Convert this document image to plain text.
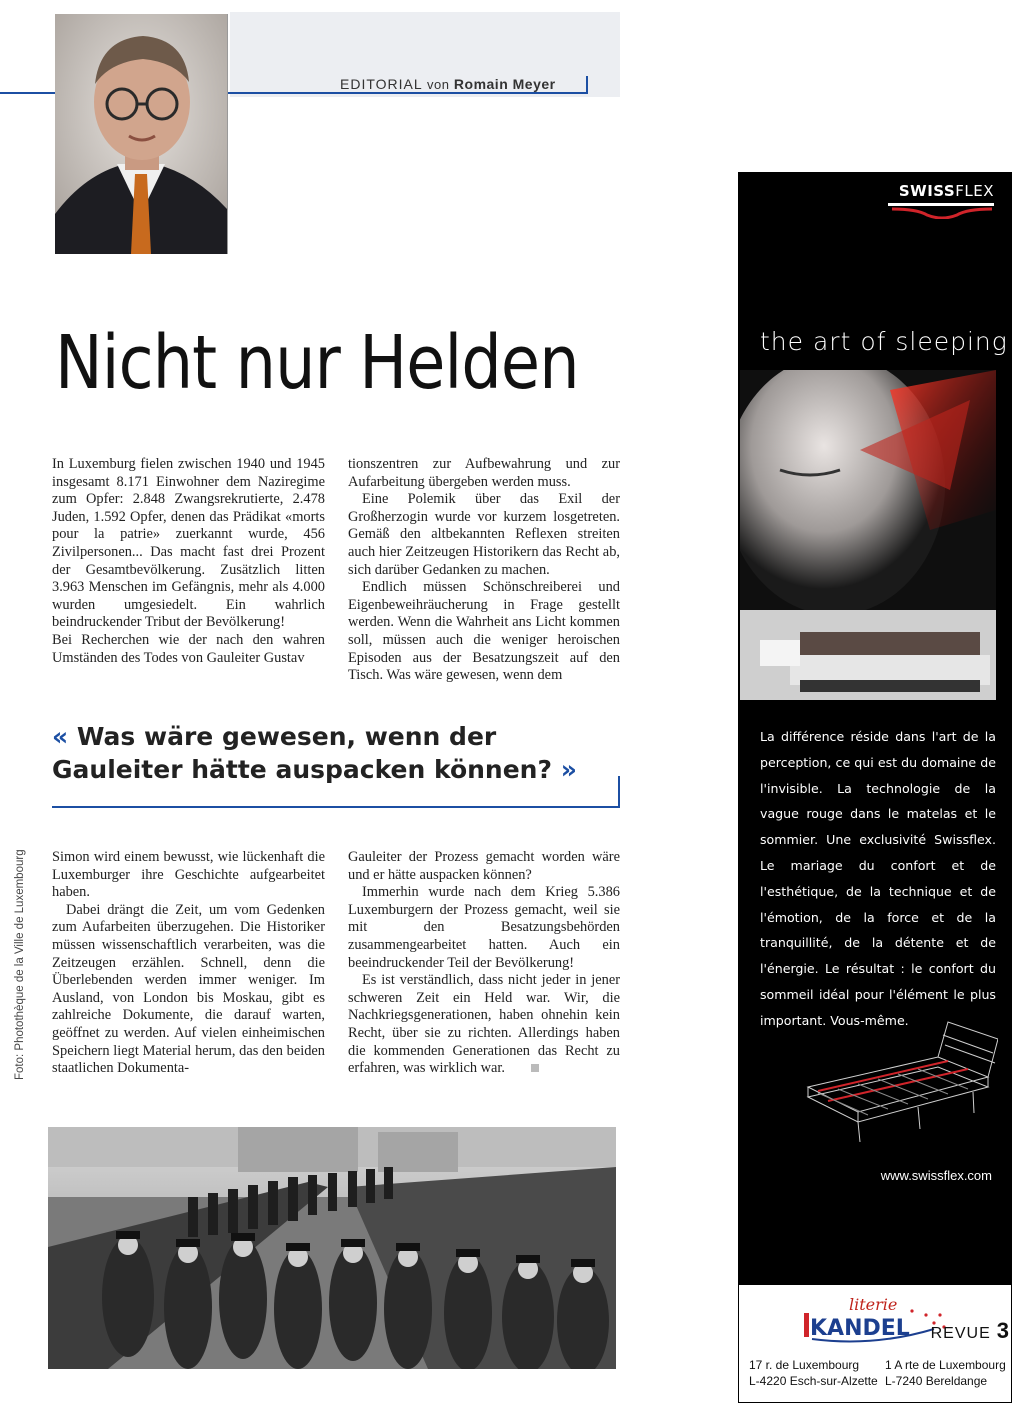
EDITORIAL von Romain Meyer
Nicht nur Helden

In Luxemburg fielen zwischen 1940 und 1945 insgesamt 8.171 Einwohner dem Naziregime zum Opfer: 2.848 Zwangsrekrutierte, 2.478 Juden, 1.592 Opfer, denen das Prädikat «morts pour la patrie» zuerkannt wurde, 456 Zivilpersonen... Das macht fast drei Prozent der Gesamtbevölkerung. Zusätzlich litten 3.963 Menschen im Gefängnis, mehr als 4.000 wurden umgesiedelt. Ein wahrlich beindruckender Tribut der Bevölkerung!

Bei Recherchen wie der nach den wahren Umständen des Todes von Gauleiter Gustav

tionszentren zur Aufbewahrung und zur Aufarbeitung übergeben werden muss.

Eine Polemik über das Exil der Großherzogin wurde vor kurzem losgetreten. Gemäß den altbekannten Reflexen streiten auch hier Zeitzeugen Historikern das Recht ab, sich darüber Gedanken zu machen.

Endlich müssen Schönschreiberei und Eigenbeweihräucherung in Frage gestellt werden. Wenn die Wahrheit ans Licht kommen soll, müssen auch die weniger heroischen Episoden aus der Besatzungszeit auf den Tisch. Was wäre gewesen, wenn dem

« Was wäre gewesen, wenn der Gauleiter hätte auspacken können? »

Simon wird einem bewusst, wie lückenhaft die Luxemburger ihre Geschichte aufgearbeitet haben.

Dabei drängt die Zeit, um vom Gedenken zum Aufarbeiten überzugehen. Die Historiker müssen wissenschaftlich verarbeiten, was die Zeitzeugen erzählen. Schnell, denn die Überlebenden werden immer weniger. Im Ausland, von London bis Moskau, gibt es zahlreiche Dokumente, die darauf warten, geöffnet zu werden. Auf vielen einheimischen Speichern liegt Material herum, das den beiden staatlichen Dokumenta-

Gauleiter der Prozess gemacht worden wäre und er hätte auspacken können?

Immerhin wurde nach dem Krieg 5.386 Luxemburgern der Prozess gemacht, weil sie mit den Besatzungsbehörden zusammengearbeitet hatten. Auch ein beeindruckender Teil der Bevölkerung!

Es ist verständlich, dass nicht jeder in jener schweren Zeit ein Held war. Wir, die Nachkriegsgenerationen, haben ohnehin kein Recht, über sie zu richten. Allerdings haben die kommenden Generationen das Recht zu erfahren, was wirklich war.

Foto: Photothèque de la Ville de Luxembourg
SWISSFLEX
the art of sleeping
La différence réside dans l'art de la perception, ce qui est du domaine de l'invisible. La technologie de la vague rouge dans le matelas et le sommier. Une exclusivité Swissflex. Le mariage du confort et de l'esthétique, de la technique et de l'émotion, de la force et de la tranquillité, de la détente et de l'énergie. Le résultat : le confort du sommeil idéal pour l'élément le plus important. Vous-même.
www.swissflex.com
literie
KANDEL
17 r. de Luxembourg
L-4220 Esch-sur-Alzette
1 A rte de Luxembourg
L-7240 Bereldange
REVUE 3
